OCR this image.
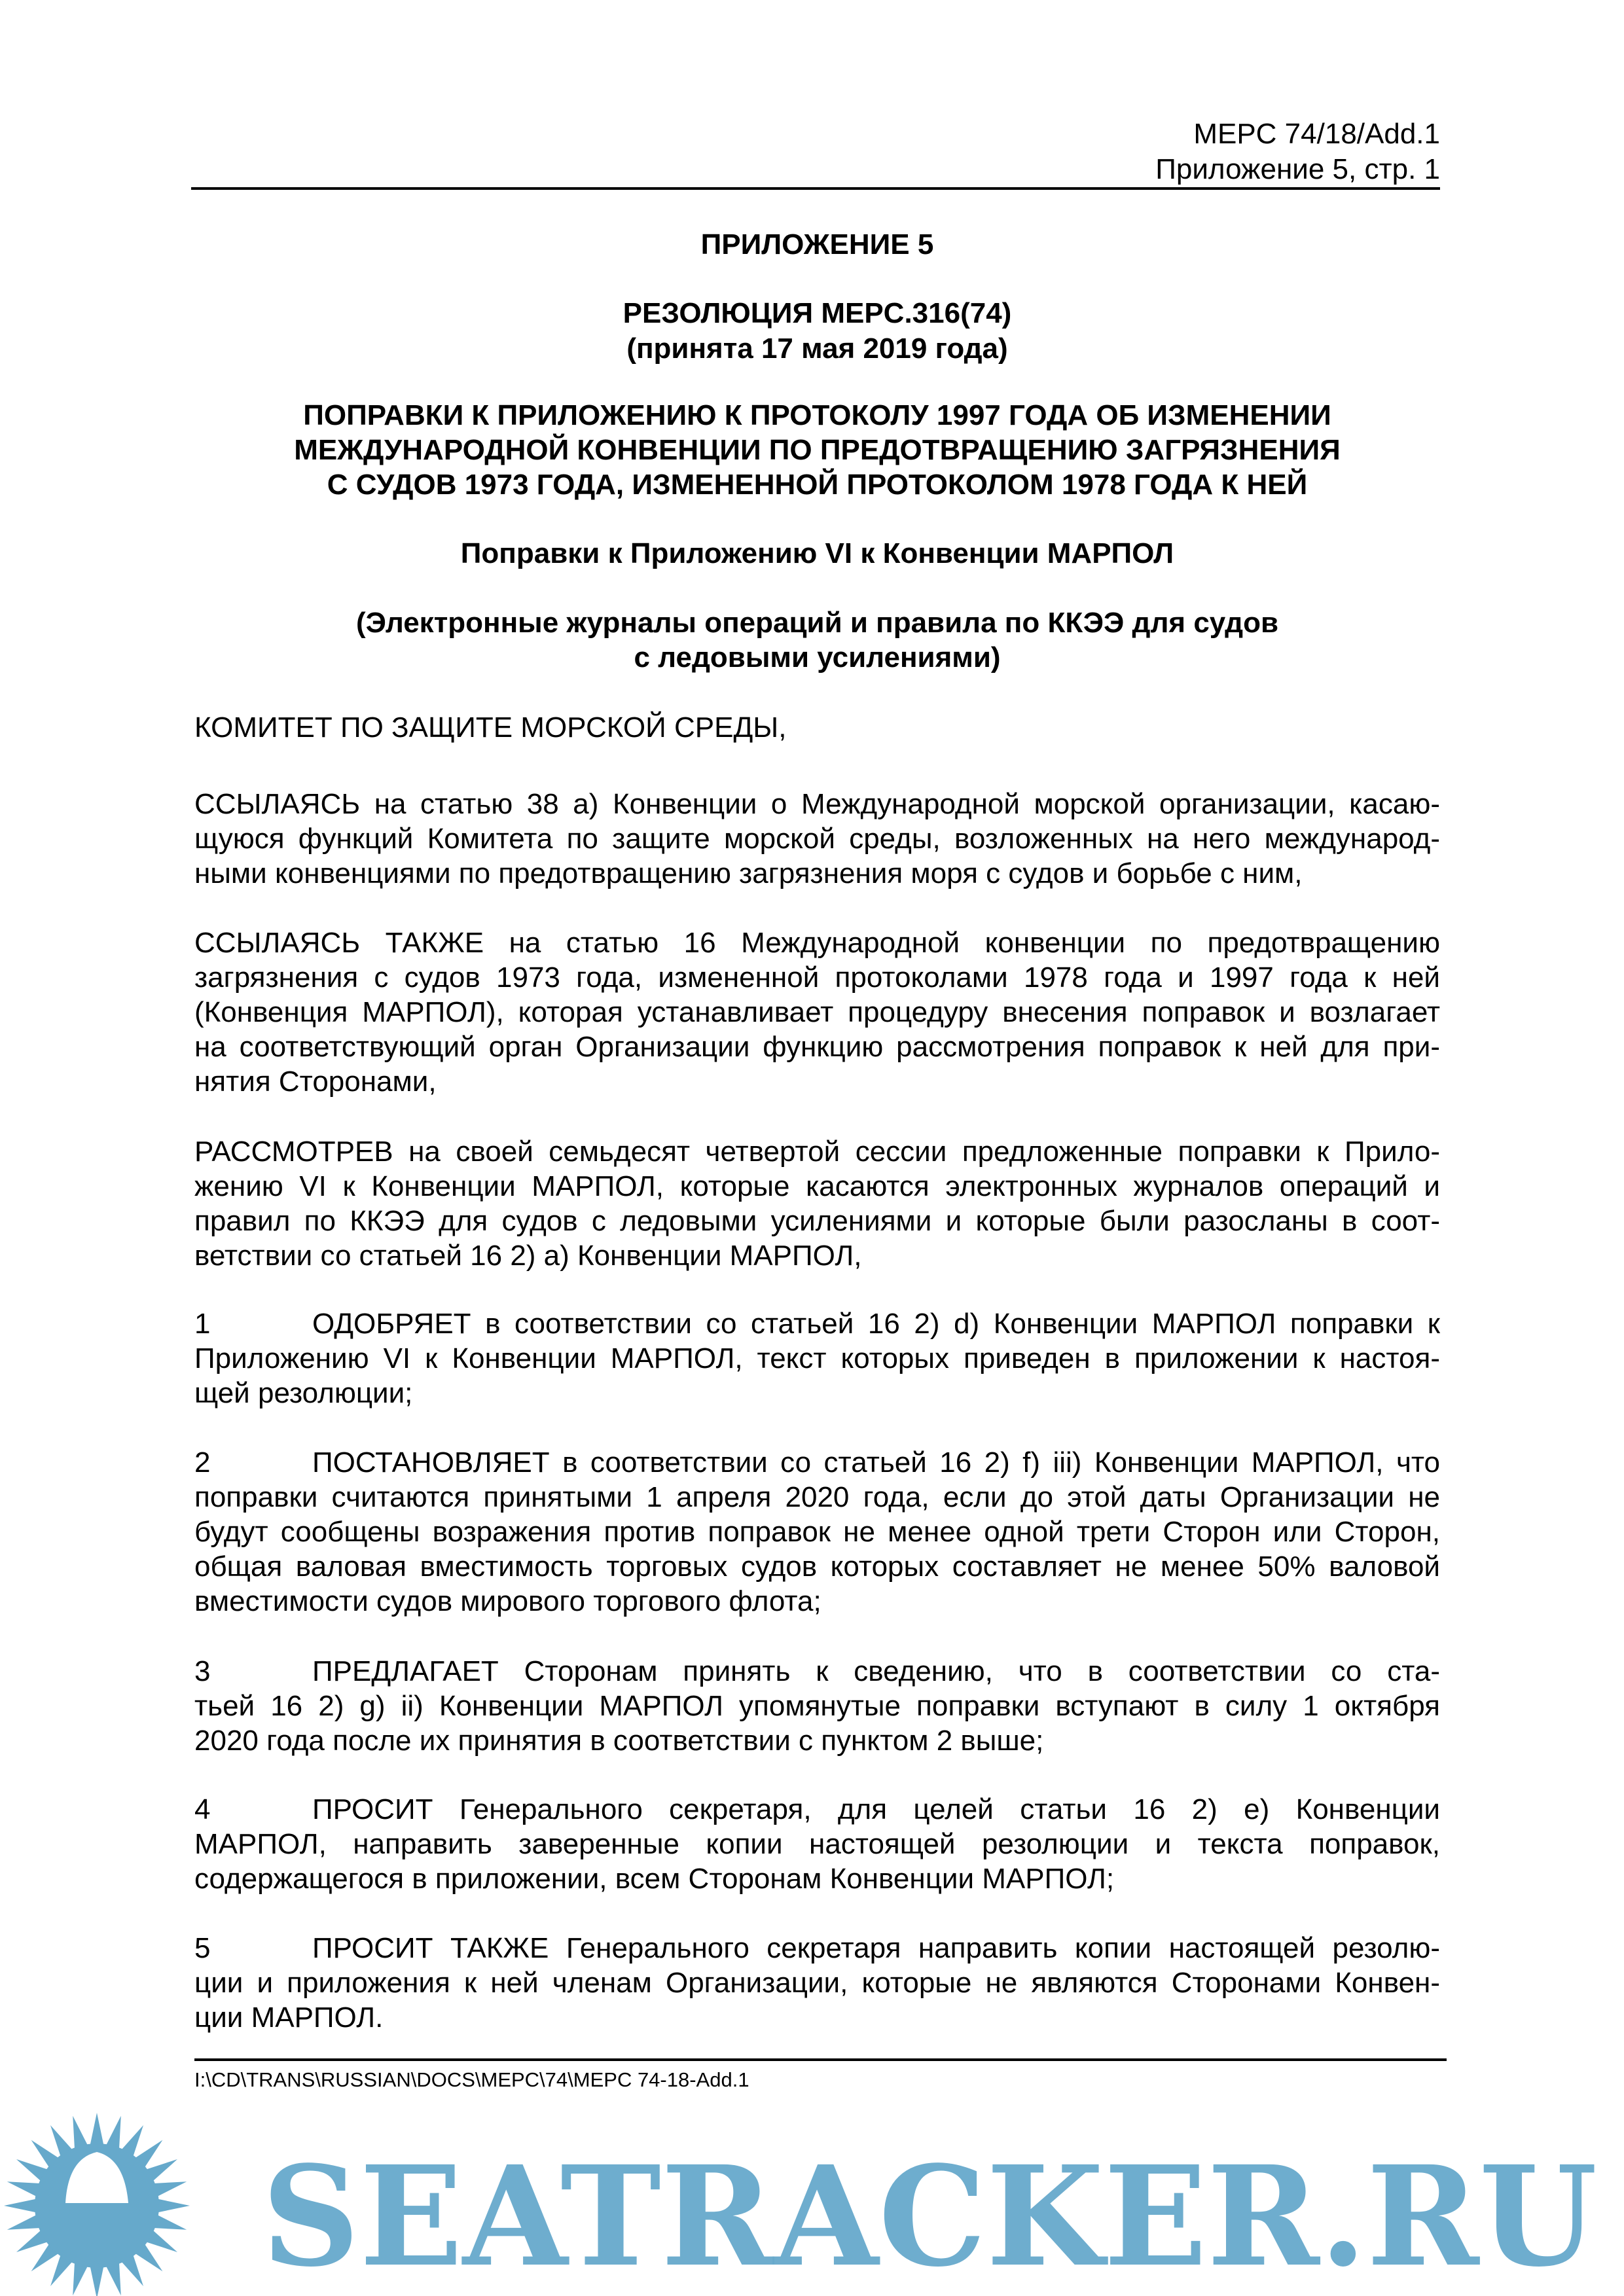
MEPC 74/18/Add.1
Приложение 5, стр. 1
ПРИЛОЖЕНИЕ 5
РЕЗОЛЮЦИЯ MEPC.316(74)
(принята 17 мая 2019 года)
ПОПРАВКИ К ПРИЛОЖЕНИЮ К ПРОТОКОЛУ 1997 ГОДА ОБ ИЗМЕНЕНИИ
МЕЖДУНАРОДНОЙ КОНВЕНЦИИ ПО ПРЕДОТВРАЩЕНИЮ ЗАГРЯЗНЕНИЯ
С СУДОВ 1973 ГОДА, ИЗМЕНЕННОЙ ПРОТОКОЛОМ 1978 ГОДА К НЕЙ
Поправки к Приложению VI к Конвенции МАРПОЛ
(Электронные журналы операций и правила по ККЭЭ для судов
с ледовыми усилениями)
КОМИТЕТ ПО ЗАЩИТЕ МОРСКОЙ СРЕДЫ,
ССЫЛАЯСЬ на статью 38 а) Конвенции о Международной морской организации, касаю-
щуюся функций Комитета по защите морской среды, возложенных на него международ-
ными конвенциями по предотвращению загрязнения моря с судов и борьбе с ним,
ССЫЛАЯСЬ ТАКЖЕ на статью 16 Международной конвенции по предотвращению
загрязнения с судов 1973 года, измененной протоколами 1978 года и 1997 года к ней
(Конвенция МАРПОЛ), которая устанавливает процедуру внесения поправок и возлагает
на соответствующий орган Организации функцию рассмотрения поправок к ней для при-
нятия Сторонами,
РАССМОТРЕВ на своей семьдесят четвертой сессии предложенные поправки к Прило-
жению VI к Конвенции МАРПОЛ, которые касаются электронных журналов операций и
правил по ККЭЭ для судов с ледовыми усилениями и которые были разосланы в соот-
ветствии со статьей 16 2) а) Конвенции МАРПОЛ,
1	ОДОБРЯЕТ в соответствии со статьей 16 2) d) Конвенции МАРПОЛ поправки к
Приложению VI к Конвенции МАРПОЛ, текст которых приведен в приложении к настоя-
щей резолюции;
2	ПОСТАНОВЛЯЕТ в соответствии со статьей 16 2) f) iii) Конвенции МАРПОЛ, что
поправки считаются принятыми 1 апреля 2020 года, если до этой даты Организации не
будут сообщены возражения против поправок не менее одной трети Сторон или Сторон,
общая валовая вместимость торговых судов которых составляет не менее 50% валовой
вместимости судов мирового торгового флота;
3	ПРЕДЛАГАЕТ Сторонам принять к сведению, что в соответствии со ста-
тьей 16 2) g) ii) Конвенции МАРПОЛ упомянутые поправки вступают в силу 1 октября
2020 года после их принятия в соответствии с пунктом 2 выше;
4	ПРОСИТ Генерального секретаря, для целей статьи 16 2) е) Конвенции
МАРПОЛ, направить заверенные копии настоящей резолюции и текста поправок,
содержащегося в приложении, всем Сторонам Конвенции МАРПОЛ;
5	ПРОСИТ ТАКЖЕ Генерального секретаря направить копии настоящей резолю-
ции и приложения к ней членам Организации, которые не являются Сторонами Конвен-
ции МАРПОЛ.
I:\CD\TRANS\RUSSIAN\DOCS\MEPC\74\MEPC 74-18-Add.1
SEATRACKER.RU
